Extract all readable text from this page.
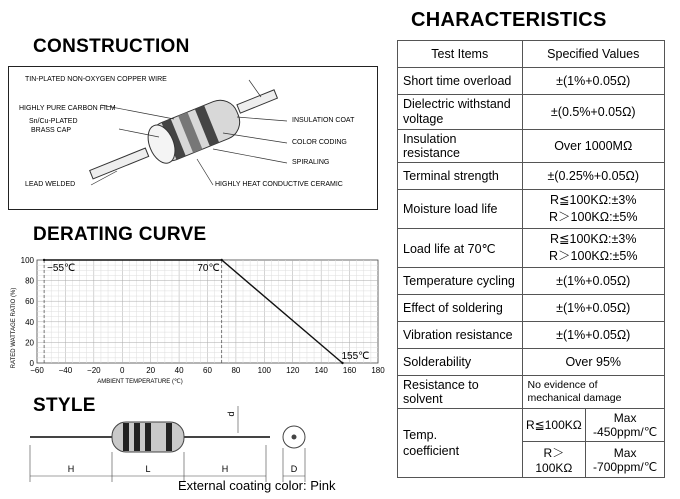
CONSTRUCTION
DERATING CURVE
STYLE
CHARACTERISTICS
TIN-PLATED NON-OXYGEN COPPER WIRE
HIGHLY PURE CARBON FILM
Sn/Cu-PLATED
BRASS CAP
INSULATION COAT
COLOR CODING
SPIRALING
LEAD WELDED	HIGHLY HEAT CONDUCTIVE CERAMIC
RATED WATTAGE RATIO (%)
AMBIENT TEMPERATURE (℃)
−60 −40 −20 0	20 40 60 80 100 120 140 160 180
0
20
40
60
80
100
−55℃	70℃
155℃
H	L	H	D
d
External coating color: Pink
Test Items	Specified Values	
Short time overload	±(1%+0.05Ω)	
Dielectric withstand voltage	±(0.5%+0.05Ω)	
Insulation resistance	Over 1000MΩ	
Terminal strength	±(0.25%+0.05Ω)	
Moisture load life	R≦100KΩ:±3%
R＞100KΩ:±5%	

Load life at 70℃	R≦100KΩ:±3%
R＞100KΩ:±5%	

Temperature cycling	±(1%+0.05Ω)	
Effect of soldering	±(1%+0.05Ω)	
Vibration resistance	±(1%+0.05Ω)	
Solderability	Over 95%	
Resistance to solvent	No evidence of
mechanical damage	

Temp.
coefficient	R≦100KΩ	Max -450ppm/℃
	R＞100KΩ	Max -700ppm/℃
